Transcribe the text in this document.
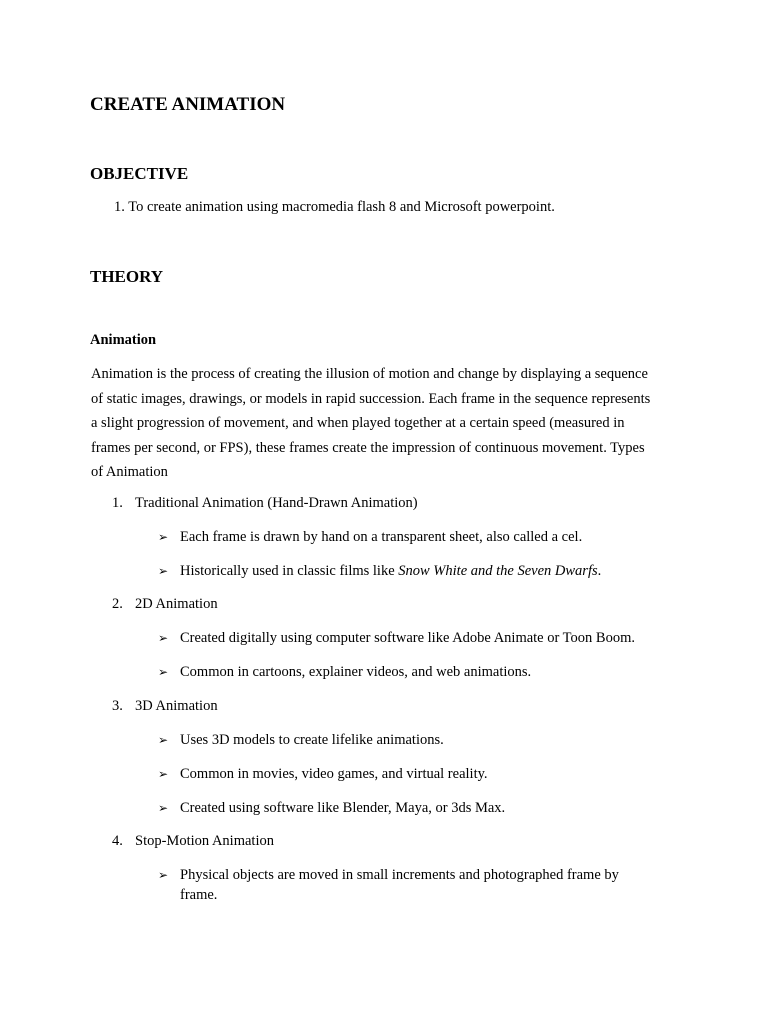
CREATE ANIMATION
OBJECTIVE
1. To create animation using macromedia flash 8 and Microsoft powerpoint.
THEORY
Animation
Animation is the process of creating the illusion of motion and change by displaying a sequence
of static images, drawings, or models in rapid succession. Each frame in the sequence represents
a slight progression of movement, and when played together at a certain speed (measured in
frames per second, or FPS), these frames create the impression of continuous movement. Types
of Animation
1. Traditional Animation (Hand-Drawn Animation)
➢ Each frame is drawn by hand on a transparent sheet, also called a cel.
➢ Historically used in classic films like Snow White and the Seven Dwarfs.
2. 2D Animation
➢ Created digitally using computer software like Adobe Animate or Toon Boom.
➢ Common in cartoons, explainer videos, and web animations.
3. 3D Animation
➢ Uses 3D models to create lifelike animations.
➢ Common in movies, video games, and virtual reality.
➢ Created using software like Blender, Maya, or 3ds Max.
4. Stop-Motion Animation
➢ Physical objects are moved in small increments and photographed frame by frame.
